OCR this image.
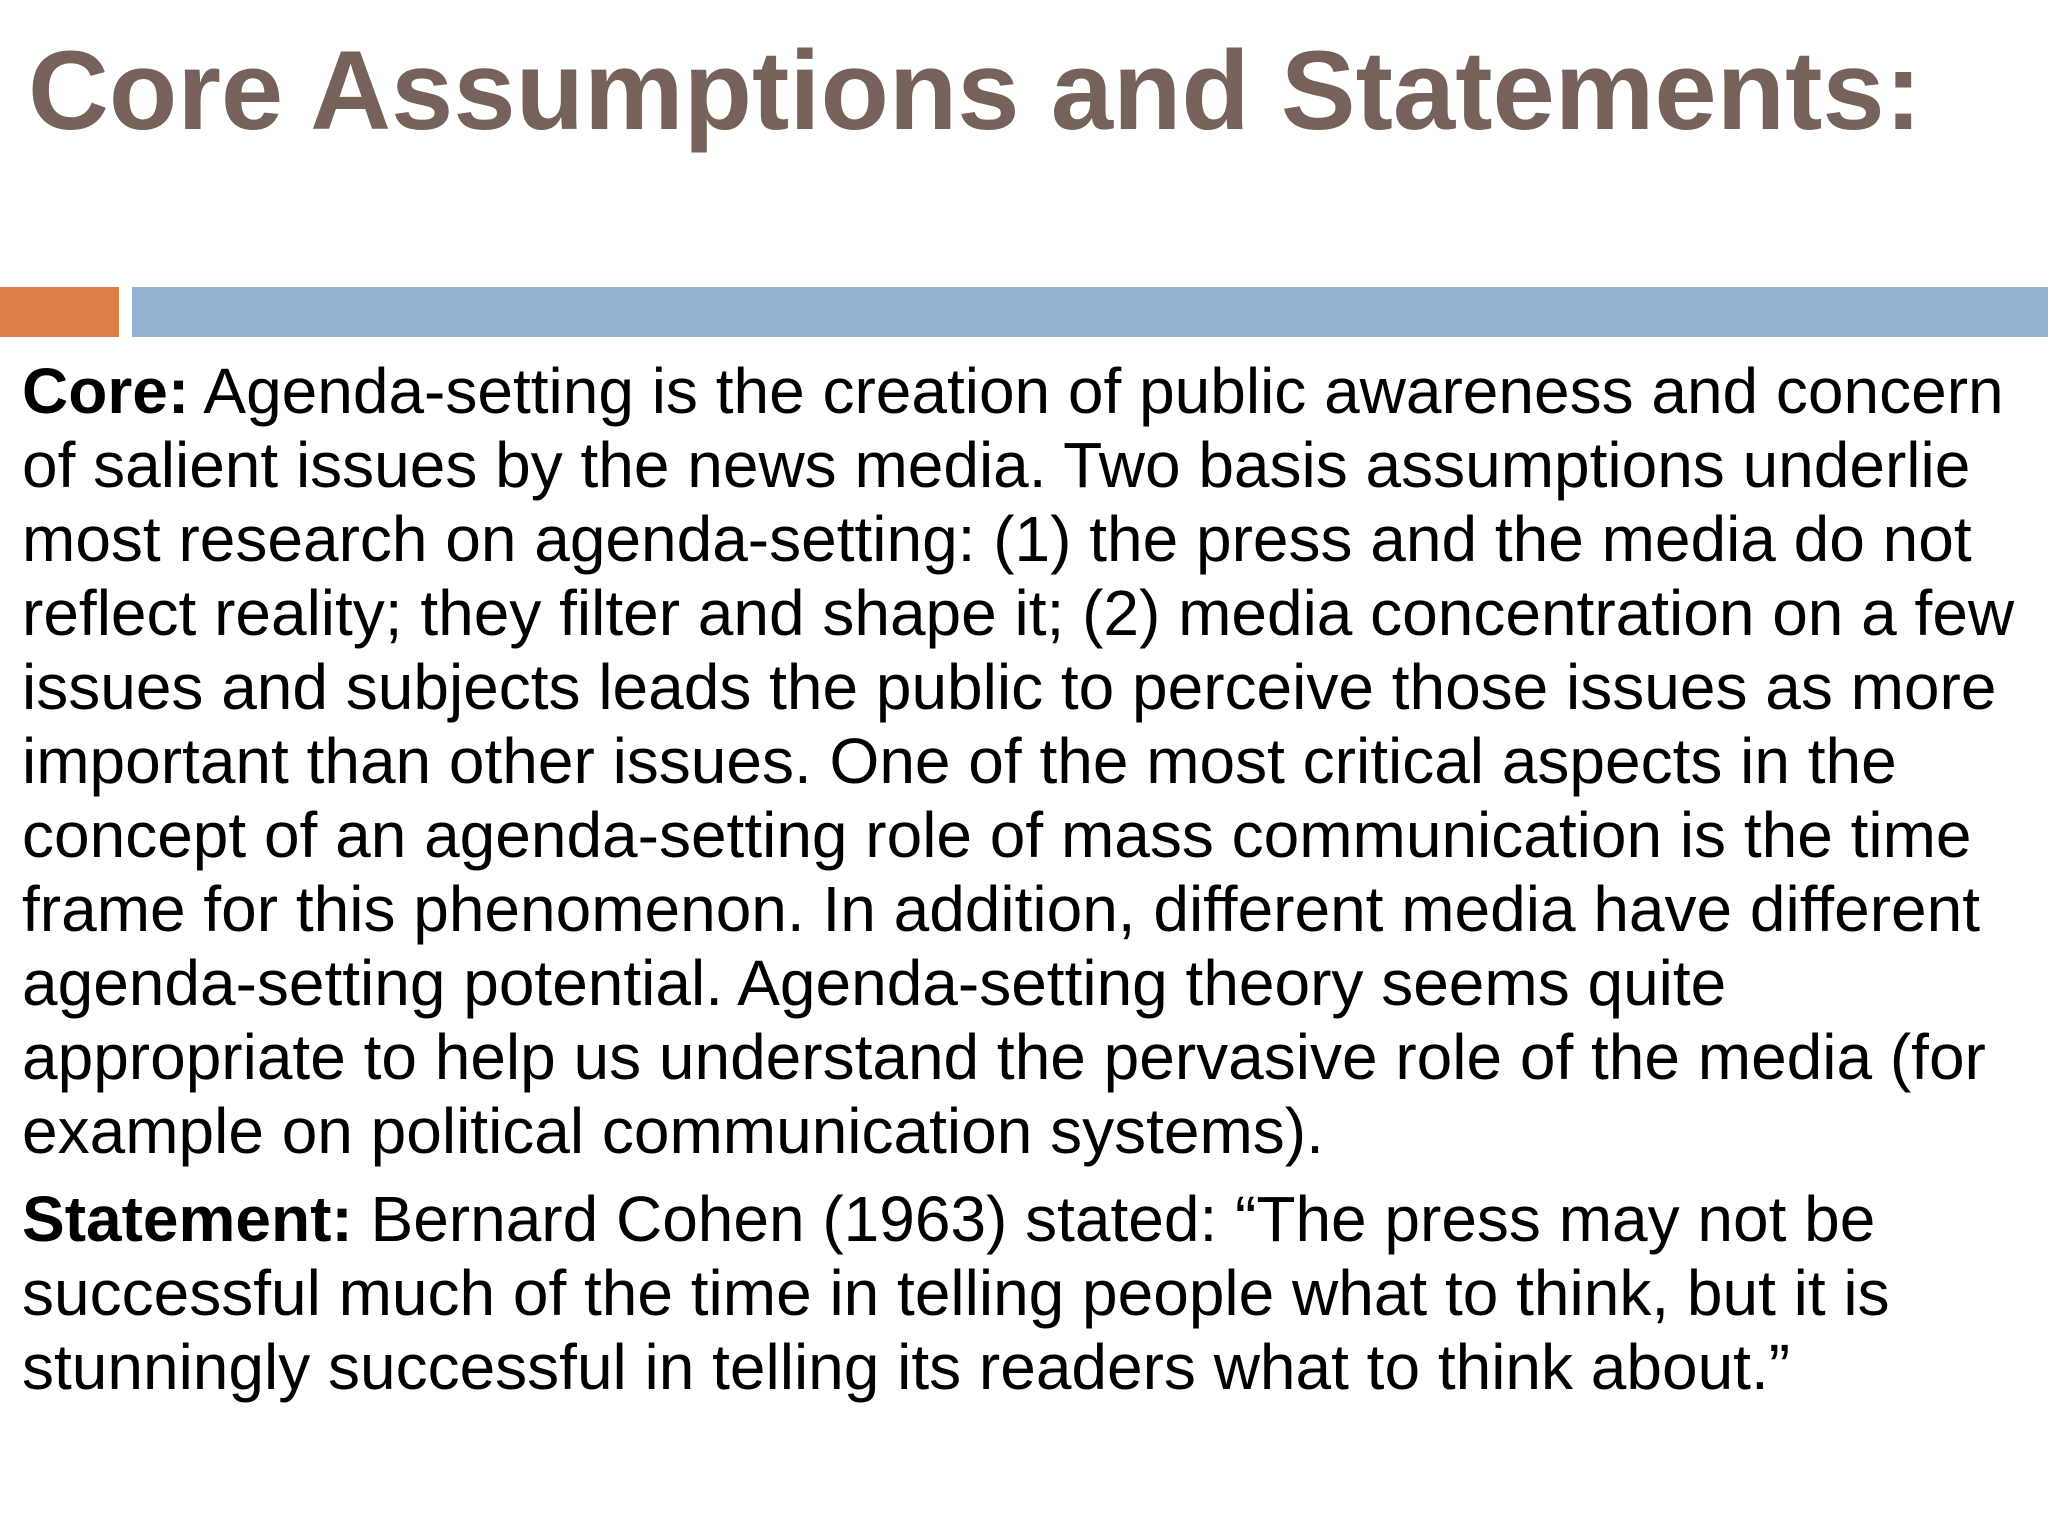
Core Assumptions and Statements:

Core: Agenda-setting is the creation of public awareness and concern of salient issues by the news media. Two basis assumptions underlie most research on agenda-setting: (1) the press and the media do not reflect reality; they filter and shape it; (2) media concentration on a few issues and subjects leads the public to perceive those issues as more important than other issues. One of the most critical aspects in the concept of an agenda-setting role of mass communication is the time frame for this phenomenon. In addition, different media have different agenda-setting potential. Agenda-setting theory seems quite appropriate to help us understand the pervasive role of the media (for example on political communication systems).

Statement: Bernard Cohen (1963) stated: “The press may not be successful much of the time in telling people what to think, but it is stunningly successful in telling its readers what to think about.”
